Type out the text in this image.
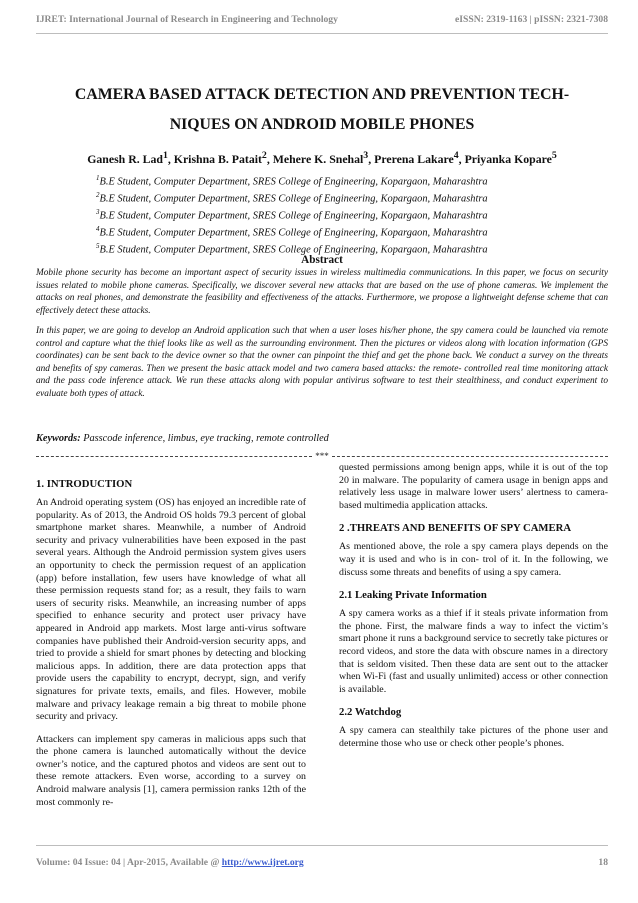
IJRET: International Journal of Research in Engineering and Technology	eISSN: 2319-1163 | pISSN: 2321-7308
CAMERA BASED ATTACK DETECTION AND PREVENTION TECH-
NIQUES ON ANDROID MOBILE PHONES
Ganesh R. Lad$^1$, Krishna B. Patait$^2$, Mehere K. Snehal$^3$, Prerena Lakare$^4$, Priyanka Kopare$^5$
$^1$B.E Student, Computer Department, SRES College of Engineering, Kopargaon, Maharashtra
$^2$B.E Student, Computer Department, SRES College of Engineering, Kopargaon, Maharashtra
$^3$B.E Student, Computer Department, SRES College of Engineering, Kopargaon, Maharashtra
$^4$B.E Student, Computer Department, SRES College of Engineering, Kopargaon, Maharashtra
$^5$B.E Student, Computer Department, SRES College of Engineering, Kopargaon, Maharashtra
Abstract

Mobile phone security has become an important aspect of security issues in wireless multimedia communications. In this paper, we focus on security issues related to mobile phone cameras. Specifically, we discover several new attacks that are based on the use of phone cameras. We implement the attacks on real phones, and demonstrate the feasibility and effectiveness of the attacks. Furthermore, we propose a lightweight defense scheme that can effectively detect these attacks.

In this paper, we are going to develop an Android application such that when a user loses his/her phone, the spy camera could be launched via remote control and capture what the thief looks like as well as the surrounding environment. Then the pictures or videos along with location information (GPS coordinates) can be sent back to the device owner so that the owner can pinpoint the thief and get the phone back. We conduct a survey on the threats and benefits of spy cameras. Then we present the basic attack model and two camera based attacks: the remote- controlled real time monitoring attack and the pass code inference attack. We run these attacks along with popular antivirus software to test their stealthiness, and conduct experiment to evaluate both types of attack.

Keywords: Passcode inference, limbus, eye tracking, remote controlled
***
1. INTRODUCTION

An Android operating system (OS) has enjoyed an incredible rate of popularity. As of 2013, the Android OS holds 79.3 percent of global smartphone market shares. Meanwhile, a number of Android security and privacy vulnerabilities have been exposed in the past several years. Although the Android permission system gives users an opportunity to check the permission request of an application (app) before installation, few users have knowledge of what all these permission requests stand for; as a result, they fails to warn users of security risks. Meanwhile, an increasing number of apps specified to enhance security and protect user privacy have appeared in Android app markets. Most large anti-virus software companies have published their Android-version security apps, and tried to provide a shield for smart phones by detecting and blocking malicious apps. In addition, there are data protection apps that provide users the capability to encrypt, decrypt, sign, and verify signatures for private texts, emails, and files. However, mobile malware and privacy leakage remain a big threat to mobile phone security and privacy.

Attackers can implement spy cameras in malicious apps such that the phone camera is launched automatically without the device owner’s notice, and the captured photos and videos are sent out to these remote attackers. Even worse, according to a survey on Android malware analysis [1], camera permission ranks 12th of the most commonly re-

quested permissions among benign apps, while it is out of the top 20 in malware. The popularity of camera usage in benign apps and relatively less usage in malware lower users’ alertness to camera-based multimedia application attacks.

2 .THREATS AND BENEFITS OF SPY CAMERA

As mentioned above, the role a spy camera plays depends on the way it is used and who is in con- trol of it. In the following, we discuss some threats and benefits of using a spy camera.

2.1 Leaking Private Information

A spy camera works as a thief if it steals private information from the phone. First, the malware finds a way to infect the victim’s smart phone it runs a background service to secretly take pictures or record videos, and store the data with obscure names in a directory that is seldom visited. Then these data are sent out to the attacker when Wi-Fi (fast and usually unlimited) access or other connection is available.

2.2 Watchdog

A spy camera can stealthily take pictures of the phone user and determine those who use or check other people’s phones.

Volume: 04 Issue: 04 | Apr-2015, Available @ http://www.ijret.org	18
